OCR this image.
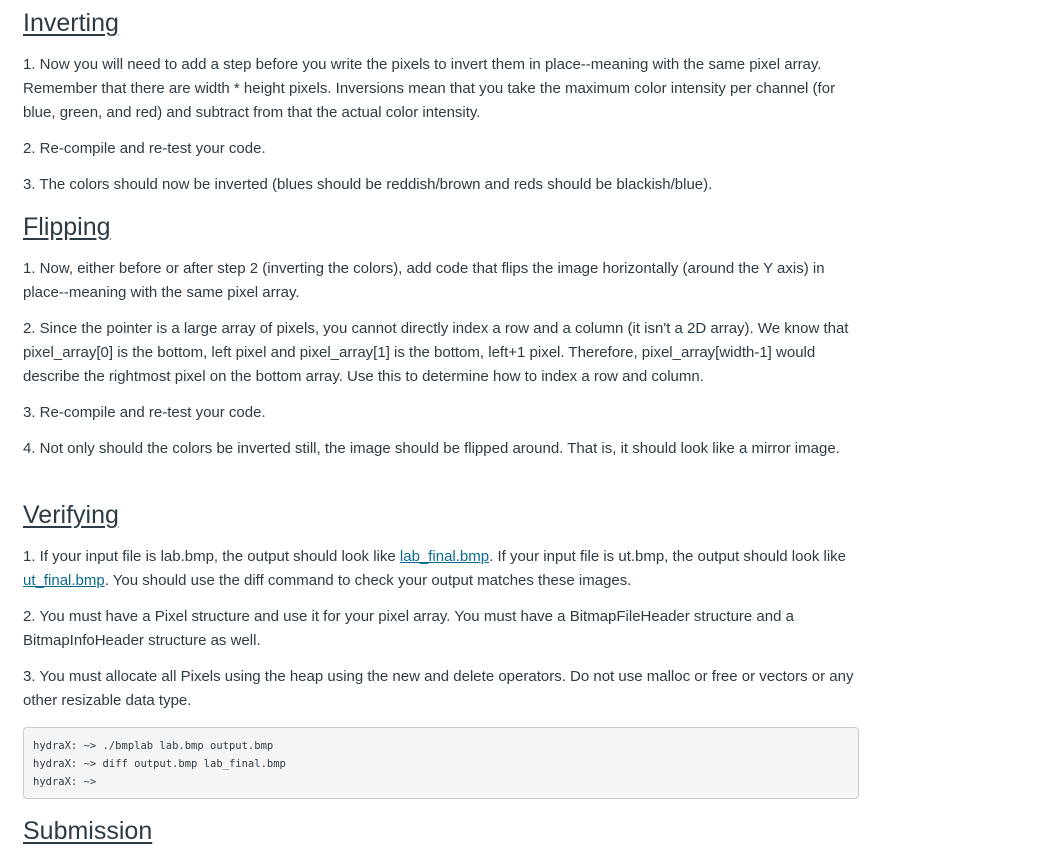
Inverting

1. Now you will need to add a step before you write the pixels to invert them in place--meaning with the same pixel array. Remember that there are width * height pixels. Inversions mean that you take the maximum color intensity per channel (for blue, green, and red) and subtract from that the actual color intensity.

2. Re-compile and re-test your code.

3. The colors should now be inverted (blues should be reddish/brown and reds should be blackish/blue).

Flipping

1. Now, either before or after step 2 (inverting the colors), add code that flips the image horizontally (around the Y axis) in place--meaning with the same pixel array.

2. Since the pointer is a large array of pixels, you cannot directly index a row and a column (it isn't a 2D array). We know that pixel_array[0] is the bottom, left pixel and pixel_array[1] is the bottom, left+1 pixel. Therefore, pixel_array[width-1] would describe the rightmost pixel on the bottom array. Use this to determine how to index a row and column.

3. Re-compile and re-test your code.

4. Not only should the colors be inverted still, the image should be flipped around. That is, it should look like a mirror image.

Verifying

1. If your input file is lab.bmp, the output should look like lab_final.bmp. If your input file is ut.bmp, the output should look like ut_final.bmp. You should use the diff command to check your output matches these images.

2. You must have a Pixel structure and use it for your pixel array. You must have a BitmapFileHeader structure and a BitmapInfoHeader structure as well.

3. You must allocate all Pixels using the heap using the new and delete operators. Do not use malloc or free or vectors or any other resizable data type.

hydraX: ~> ./bmplab lab.bmp output.bmp
hydraX: ~> diff output.bmp lab_final.bmp
hydraX: ~>
Submission
